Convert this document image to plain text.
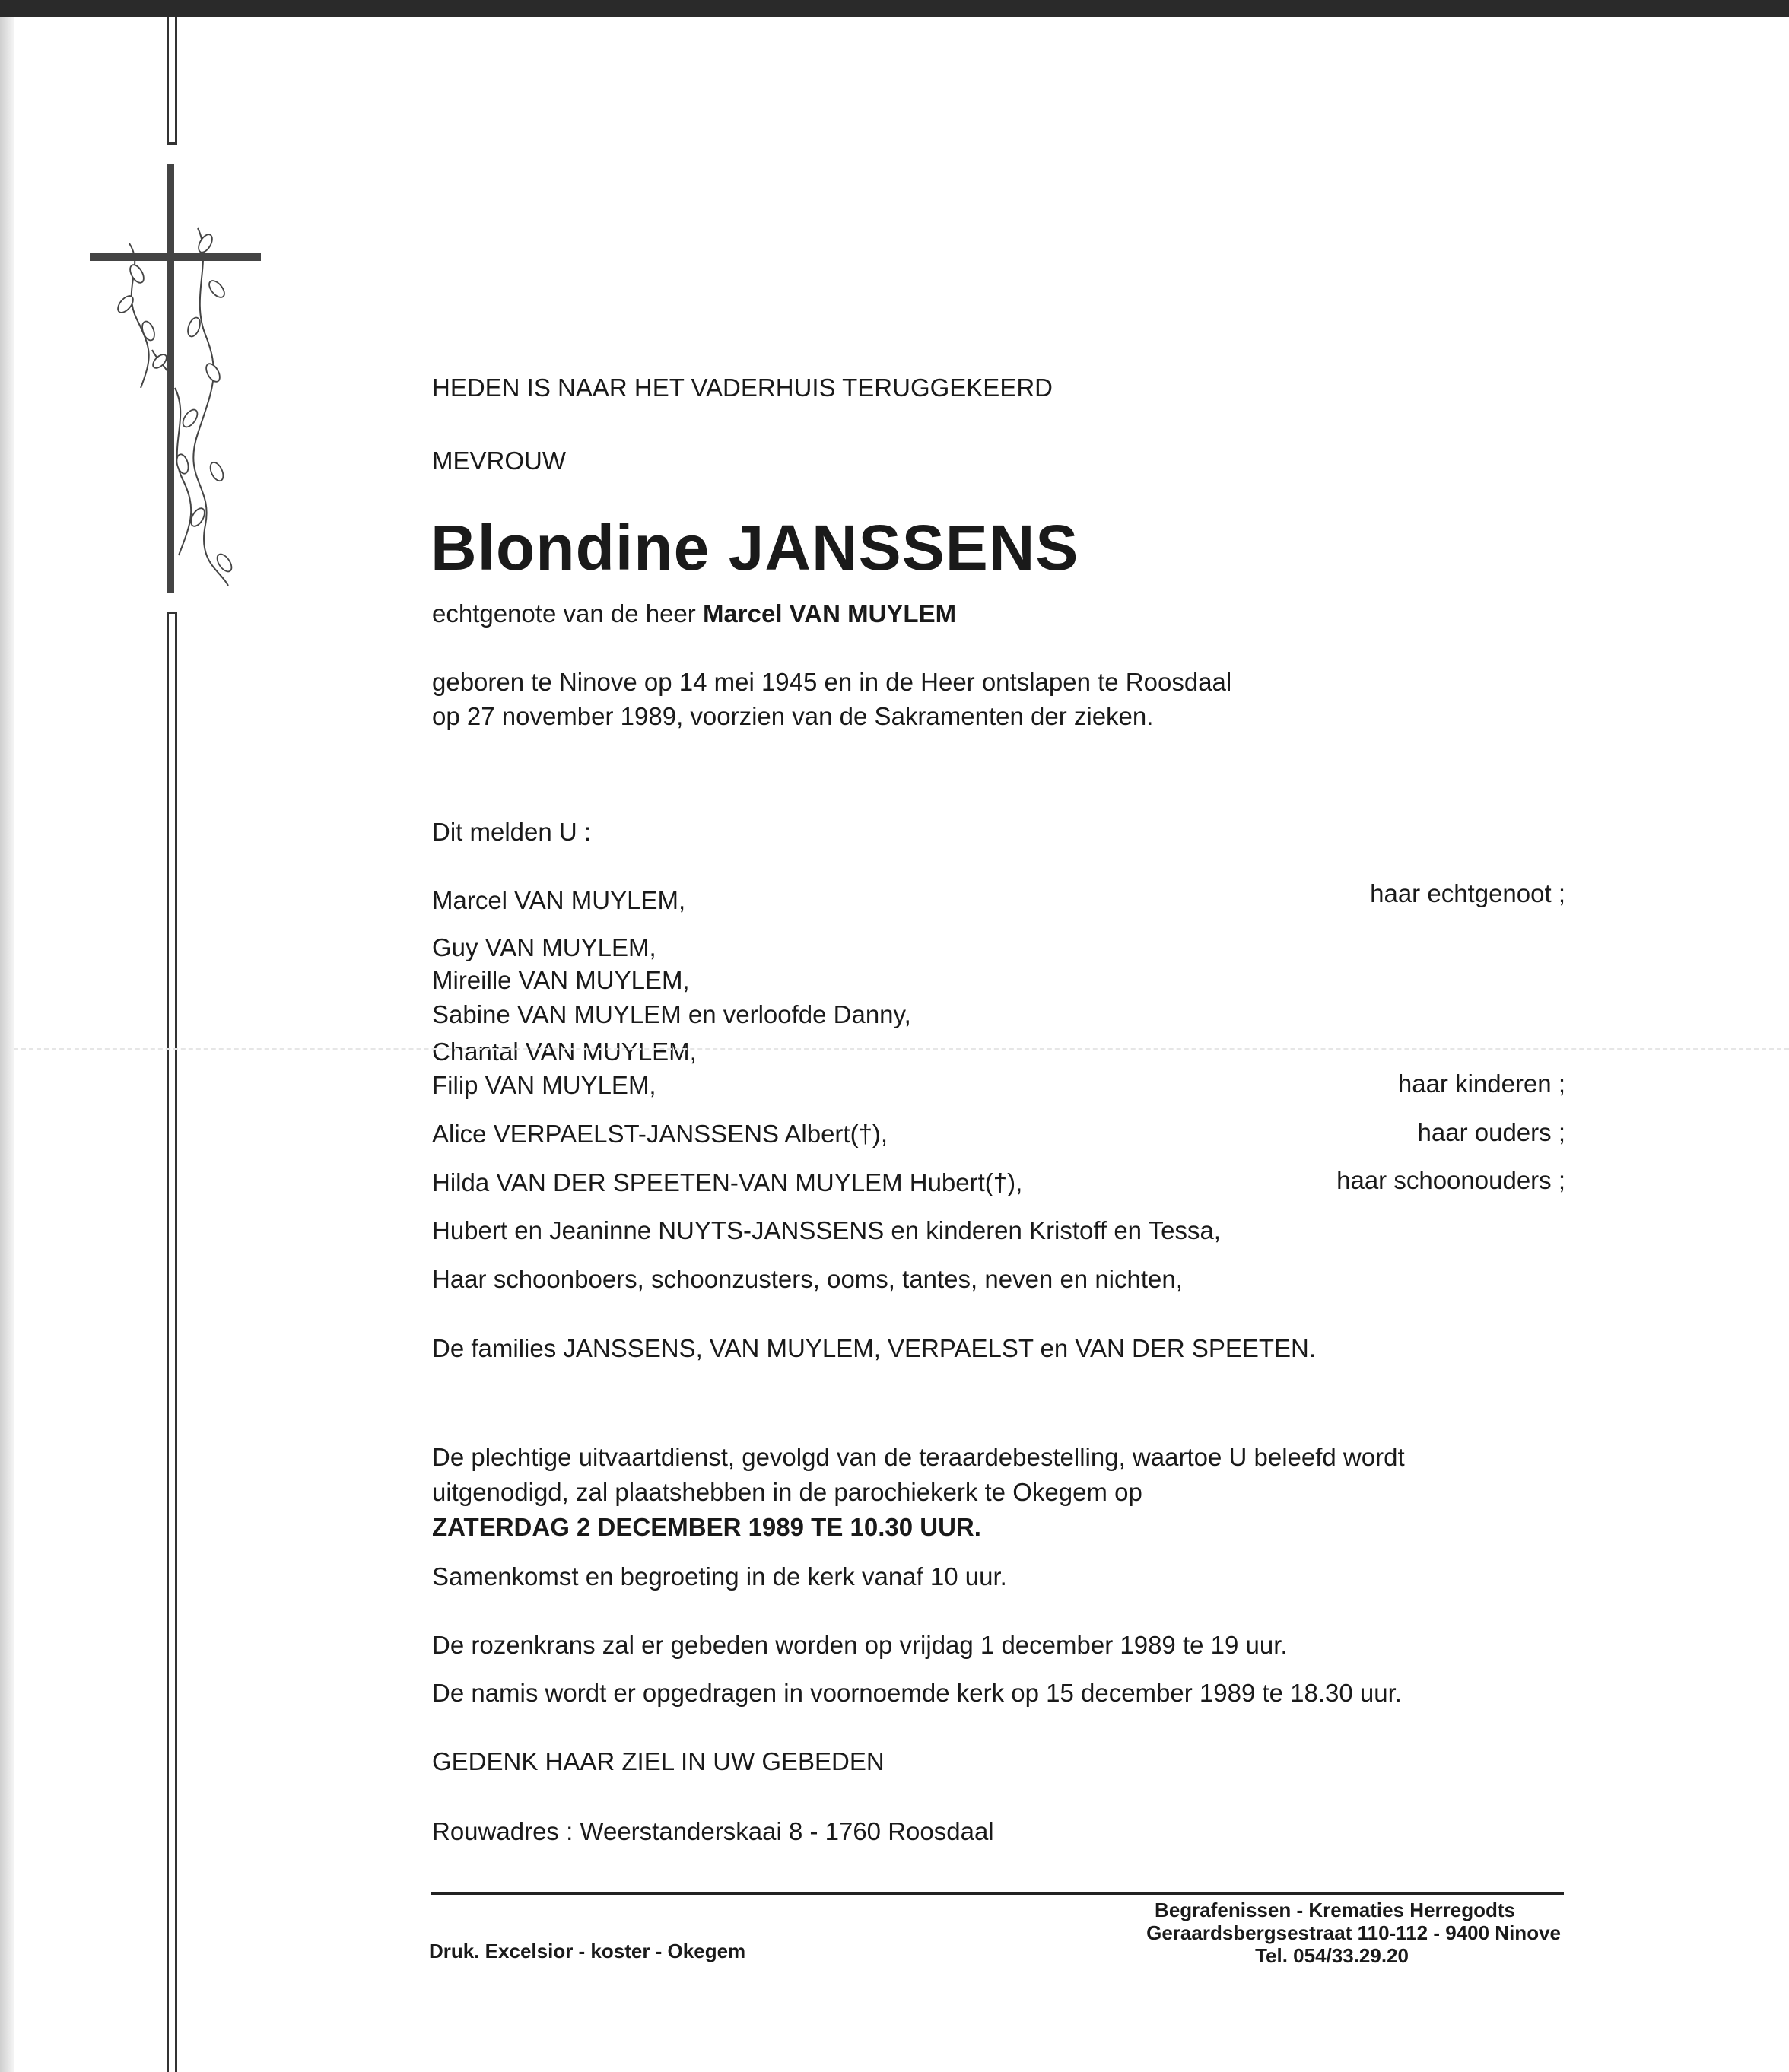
HEDEN IS NAAR HET VADERHUIS TERUGGEKEERD
MEVROUW
Blondine JANSSENS
echtgenote van de heer Marcel VAN MUYLEM
geboren te Ninove op 14 mei 1945 en in de Heer ontslapen te Roosdaal
op 27 november 1989, voorzien van de Sakramenten der zieken.
Dit melden U :
Marcel VAN MUYLEM,	haar echtgenoot ;
Guy VAN MUYLEM,
Mireille VAN MUYLEM,
Sabine VAN MUYLEM en verloofde Danny,
Chantal VAN MUYLEM,
Filip VAN MUYLEM,	haar kinderen ;
Alice VERPAELST-JANSSENS Albert(†),	haar ouders ;
Hilda VAN DER SPEETEN-VAN MUYLEM Hubert(†),	haar schoonouders ;
Hubert en Jeaninne NUYTS-JANSSENS en kinderen Kristoff en Tessa,
Haar schoonboers, schoonzusters, ooms, tantes, neven en nichten,
De families JANSSENS, VAN MUYLEM, VERPAELST en VAN DER SPEETEN.
De plechtige uitvaartdienst, gevolgd van de teraardebestelling, waartoe U beleefd wordt
uitgenodigd, zal plaatshebben in de parochiekerk te Okegem op
ZATERDAG 2 DECEMBER 1989 TE 10.30 UUR.
Samenkomst en begroeting in de kerk vanaf 10 uur.
De rozenkrans zal er gebeden worden op vrijdag 1 december 1989 te 19 uur.
De namis wordt er opgedragen in voornoemde kerk op 15 december 1989 te 18.30 uur.
GEDENK HAAR ZIEL IN UW GEBEDEN
Rouwadres : Weerstanderskaai 8 - 1760 Roosdaal
Druk. Excelsior - koster - Okegem
Begrafenissen - Krematies Herregodts
Geraardsbergsestraat 110-112 - 9400 Ninove
Tel. 054/33.29.20
